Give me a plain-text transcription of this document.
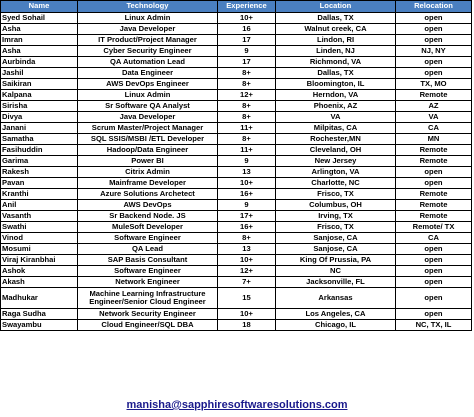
Name	Technology	Experience	Location	Relocation
Syed Sohail	Linux Admin	10+	Dallas, TX	open
Asha	Java Developer	16	Walnut creek, CA	open
Imran	IT Product/Project Manager	17	Lindon, RI	open
Asha	Cyber Security Engineer	9	Linden, NJ	NJ, NY
Aurbinda	QA Automation Lead	17	Richmond, VA	open
Jashil	Data Engineer	8+	Dallas, TX	open
Saikiran	AWS DevOps Engineer	8+	Bloomington, IL	TX, MO
Kalpana	Linux Admin	12+	Herndon, VA	Remote
Sirisha	Sr Software QA Analyst	8+	Phoenix, AZ	AZ
Divya	Java Developer	8+	VA	VA
Janani	Scrum Master/Project Manager	11+	Milpitas, CA	CA
Samatha	SQL SSIS/MSBI /ETL Developer	8+	Rochester,MN	MN
Fasihuddin	Hadoop/Data Engineer	11+	Cleveland, OH	Remote
Garima	Power BI	9	New Jersey	Remote
Rakesh	Citrix Admin	13	Arlington, VA	open
Pavan	Mainframe Developer	10+	Charlotte, NC	open
Kranthi	Azure Solutions Archetect	16+	Frisco, TX	Remote
Anil	AWS DevOps	9	Columbus, OH	Remote
Vasanth	Sr Backend Node. JS	17+	Irving, TX	Remote
Swathi	MuleSoft Developer	16+	Frisco, TX	Remote/ TX
Vinod	Software Engineer	8+	Sanjose, CA	CA
Mosumi	QA Lead	13	Sanjose, CA	open
Viraj Kiranbhai	SAP Basis Consultant	10+	King Of Prussia, PA	open
Ashok	Software Engineer	12+	NC	open
Akash	Network Engineer	7+	Jacksonville, FL	open
Madhukar	Machine Learning Infrastructure Engineer/Senior Cloud Engineer	15	Arkansas	open
Raga Sudha	Network Security Engineer	10+	Los Angeles, CA	open
Swayambu	Cloud Engineer/SQL DBA	18	Chicago, IL	NC, TX, IL
manisha@sapphiresoftwaresolutions.com
